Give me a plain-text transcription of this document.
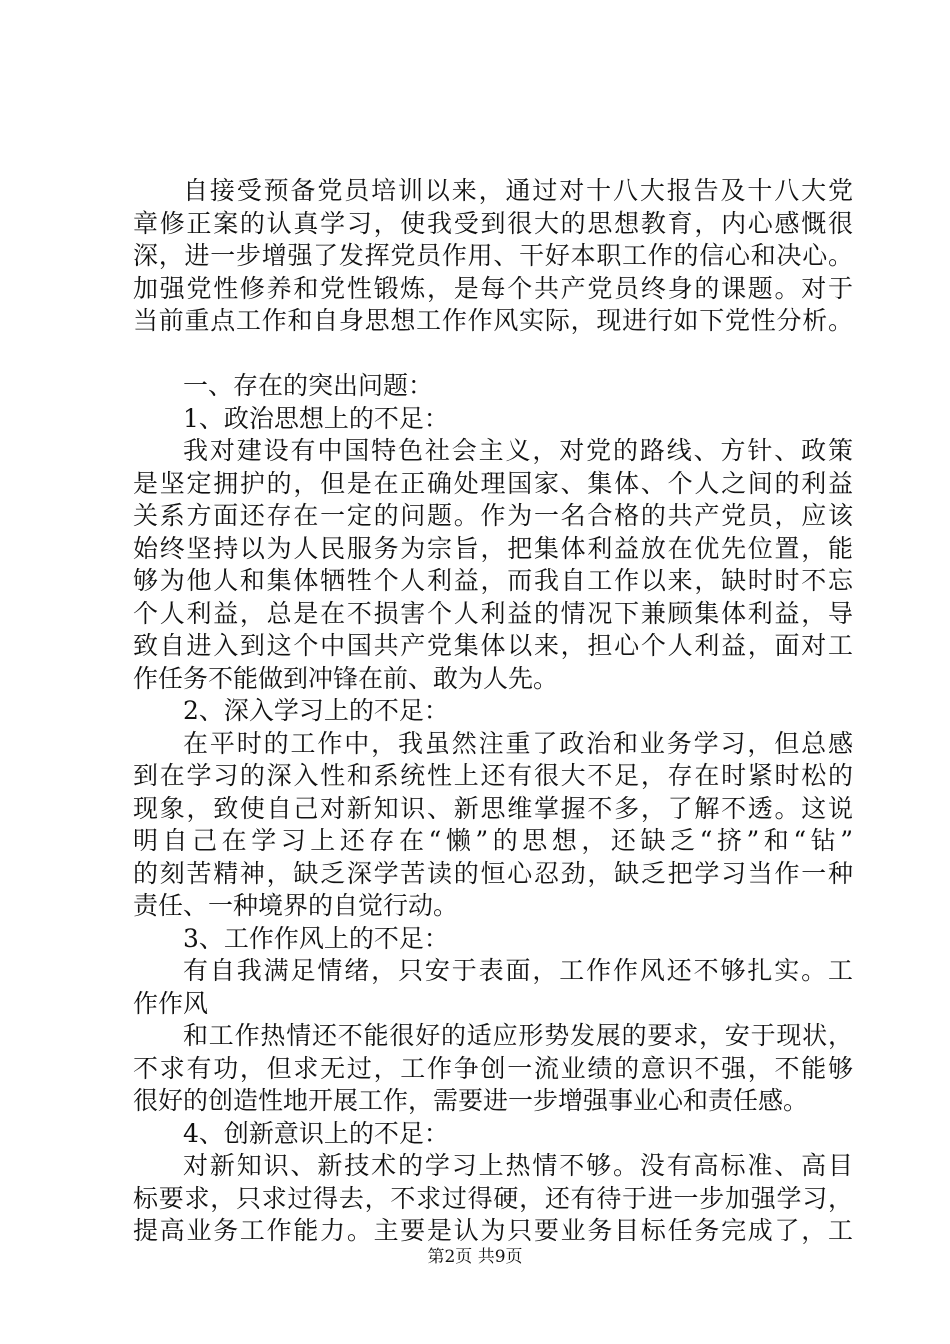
自接受预备党员培训以来，通过对十八大报告及十八大党
章修正案的认真学习，使我受到很大的思想教育，内心感慨很
深，进一步增强了发挥党员作用、干好本职工作的信心和决心。
加强党性修养和党性锻炼，是每个共产党员终身的课题。对于
当前重点工作和自身思想工作作风实际，现进行如下党性分析。
一、存在的突出问题：
1、政治思想上的不足：
我对建设有中国特色社会主义，对党的路线、方针、政策
是坚定拥护的，但是在正确处理国家、集体、个人之间的利益
关系方面还存在一定的问题。作为一名合格的共产党员，应该
始终坚持以为人民服务为宗旨，把集体利益放在优先位置，能
够为他人和集体牺牲个人利益，而我自工作以来，缺时时不忘
个人利益，总是在不损害个人利益的情况下兼顾集体利益，导
致自进入到这个中国共产党集体以来，担心个人利益，面对工
作任务不能做到冲锋在前、敢为人先。
2、深入学习上的不足：
在平时的工作中，我虽然注重了政治和业务学习，但总感
到在学习的深入性和系统性上还有很大不足，存在时紧时松的
现象，致使自己对新知识、新思维掌握不多，了解不透。这说
明自己在学习上还存在“懒”的思想，还缺乏“挤”和“钻”
的刻苦精神，缺乏深学苦读的恒心忍劲，缺乏把学习当作一种
责任、一种境界的自觉行动。
3、工作作风上的不足：
有自我满足情绪，只安于表面，工作作风还不够扎实。工
作作风
和工作热情还不能很好的适应形势发展的要求，安于现状，
不求有功，但求无过，工作争创一流业绩的意识不强，不能够
很好的创造性地开展工作，需要进一步增强事业心和责任感。
4、创新意识上的不足：
对新知识、新技术的学习上热情不够。没有高标准、高目
标要求，只求过得去，不求过得硬，还有待于进一步加强学习，
提高业务工作能力。主要是认为只要业务目标任务完成了，工
第2页 共9页
